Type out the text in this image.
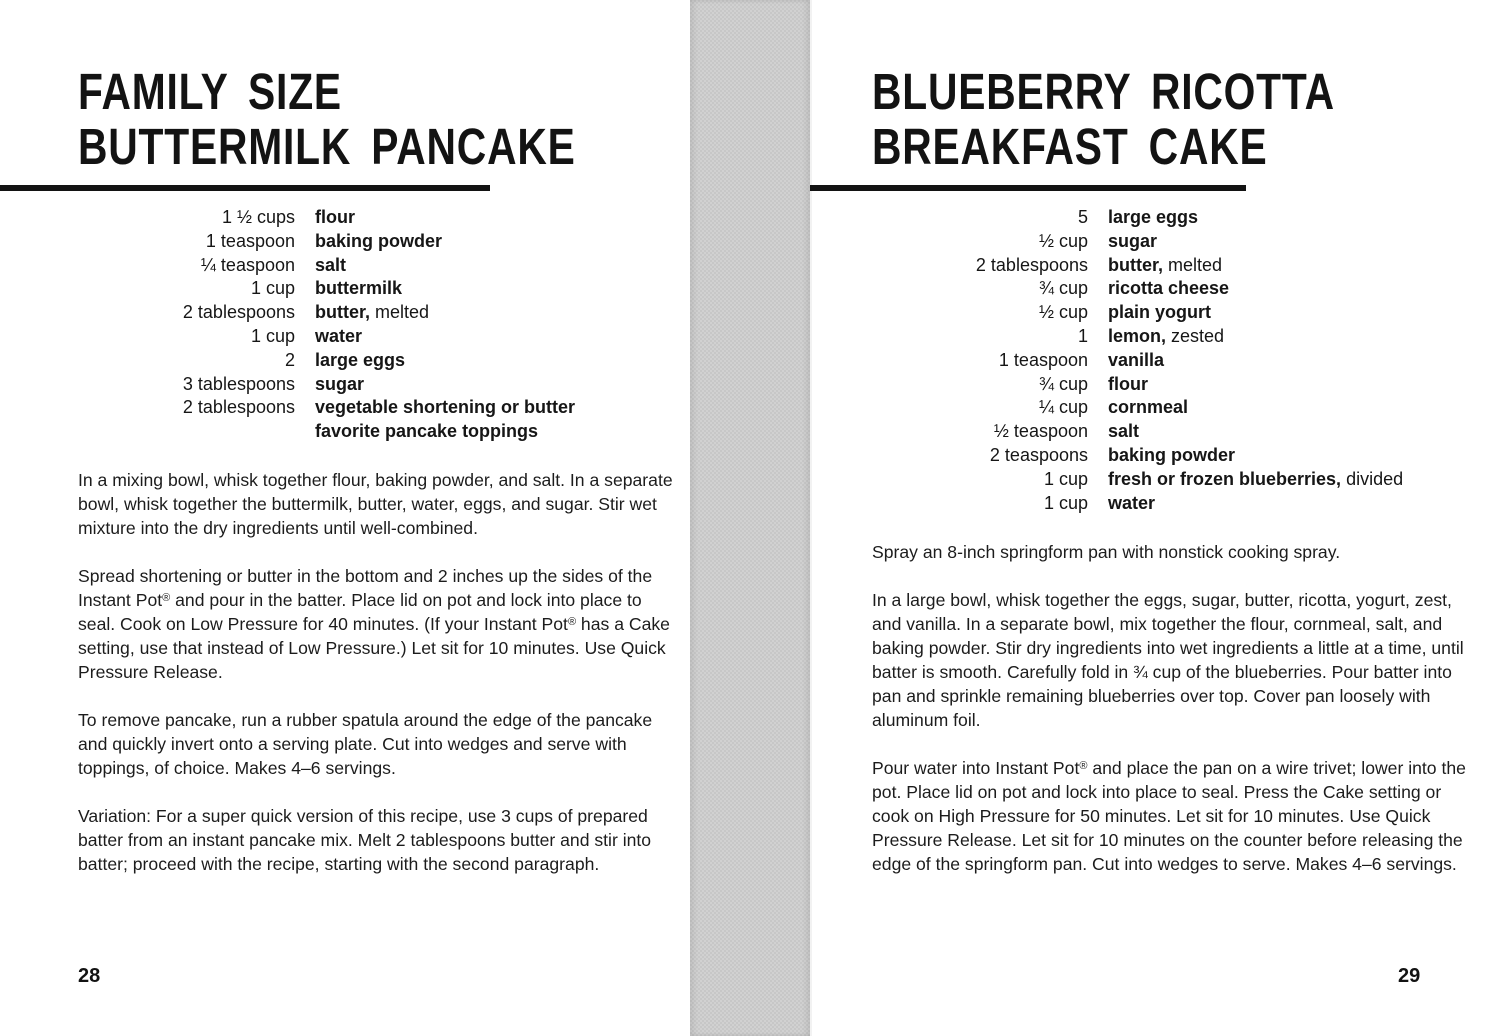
FAMILY SIZE
BUTTERMILK PANCAKE
1 ½ cups flour
1 teaspoon baking powder
¼ teaspoon salt
1 cup buttermilk
2 tablespoons butter, melted
1 cup water
2 large eggs
3 tablespoons sugar
2 tablespoons vegetable shortening or butter
favorite pancake toppings

In a mixing bowl, whisk together flour, baking powder, and salt. In a separate bowl, whisk together the buttermilk, butter, water, eggs, and sugar. Stir wet mixture into the dry ingredients until well-combined.

Spread shortening or butter in the bottom and 2 inches up the sides of the Instant Pot® and pour in the batter. Place lid on pot and lock into place to seal. Cook on Low Pressure for 40 minutes. (If your Instant Pot® has a Cake setting, use that instead of Low Pressure.) Let sit for 10 minutes. Use Quick Pressure Release.

To remove pancake, run a rubber spatula around the edge of the pancake and quickly invert onto a serving plate. Cut into wedges and serve with toppings, of choice. Makes 4–6 servings.

Variation: For a super quick version of this recipe, use 3 cups of prepared batter from an instant pancake mix. Melt 2 tablespoons butter and stir into batter; proceed with the recipe, starting with the second paragraph.

28
BLUEBERRY RICOTTA
BREAKFAST CAKE
5 large eggs
½ cup sugar
2 tablespoons butter, melted
¾ cup ricotta cheese
½ cup plain yogurt
1 lemon, zested
1 teaspoon vanilla
¾ cup flour
¼ cup cornmeal
½ teaspoon salt
2 teaspoons baking powder
1 cup fresh or frozen blueberries, divided
1 cup water

Spray an 8-inch springform pan with nonstick cooking spray.

In a large bowl, whisk together the eggs, sugar, butter, ricotta, yogurt, zest, and vanilla. In a separate bowl, mix together the flour, cornmeal, salt, and baking powder. Stir dry ingredients into wet ingredients a little at a time, until batter is smooth. Carefully fold in ¾ cup of the blueberries. Pour batter into pan and sprinkle remaining blueberries over top. Cover pan loosely with aluminum foil.

Pour water into Instant Pot® and place the pan on a wire trivet; lower into the pot. Place lid on pot and lock into place to seal. Press the Cake setting or cook on High Pressure for 50 minutes. Let sit for 10 minutes. Use Quick Pressure Release. Let sit for 10 minutes on the counter before releasing the edge of the springform pan. Cut into wedges to serve. Makes 4–6 servings.

29
